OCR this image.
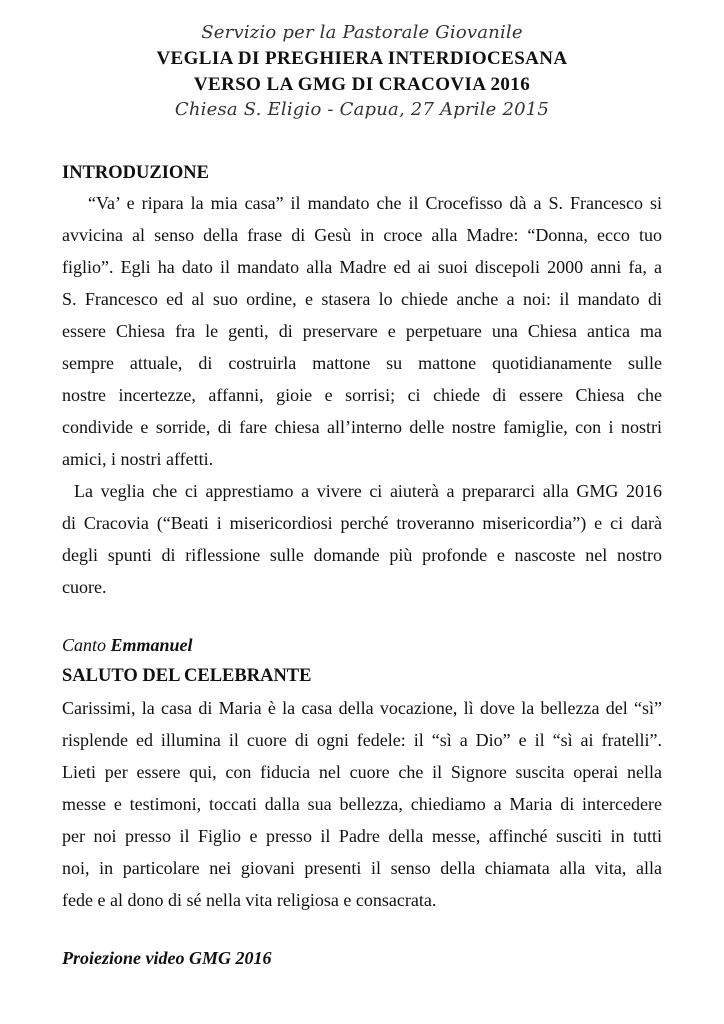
Servizio per la Pastorale Giovanile
VEGLIA DI PREGHIERA INTERDIOCESANA
VERSO LA GMG DI CRACOVIA 2016
Chiesa S. Eligio - Capua, 27 Aprile 2015
INTRODUZIONE
“Va’ e ripara la mia casa” il mandato che il Crocefisso dà a S. Francesco si
avvicina al senso della frase di Gesù in croce alla Madre: “Donna, ecco tuo
figlio”. Egli ha dato il mandato alla Madre ed ai suoi discepoli 2000 anni fa, a
S. Francesco ed al suo ordine, e stasera lo chiede anche a noi: il mandato di
essere Chiesa fra le genti, di preservare e perpetuare una Chiesa antica ma
sempre attuale, di costruirla mattone su mattone quotidianamente sulle
nostre incertezze, affanni, gioie e sorrisi; ci chiede di essere Chiesa che
condivide e sorride, di fare chiesa all’interno delle nostre famiglie, con i nostri
amici, i nostri affetti.
La veglia che ci apprestiamo a vivere ci aiuterà a prepararci alla GMG 2016
di Cracovia (“Beati i misericordiosi perché troveranno misericordia”) e ci darà
degli spunti di riflessione sulle domande più profonde e nascoste nel nostro
cuore.
Canto Emmanuel
SALUTO DEL CELEBRANTE
Carissimi, la casa di Maria è la casa della vocazione, lì dove la bellezza del “sì”
risplende ed illumina il cuore di ogni fedele: il “sì a Dio” e il “sì ai fratelli”.
Lieti per essere qui, con fiducia nel cuore che il Signore suscita operai nella
messe e testimoni, toccati dalla sua bellezza, chiediamo a Maria di intercedere
per noi presso il Figlio e presso il Padre della messe, affinché susciti in tutti
noi, in particolare nei giovani presenti il senso della chiamata alla vita, alla
fede e al dono di sé nella vita religiosa e consacrata.
Proiezione video GMG 2016
